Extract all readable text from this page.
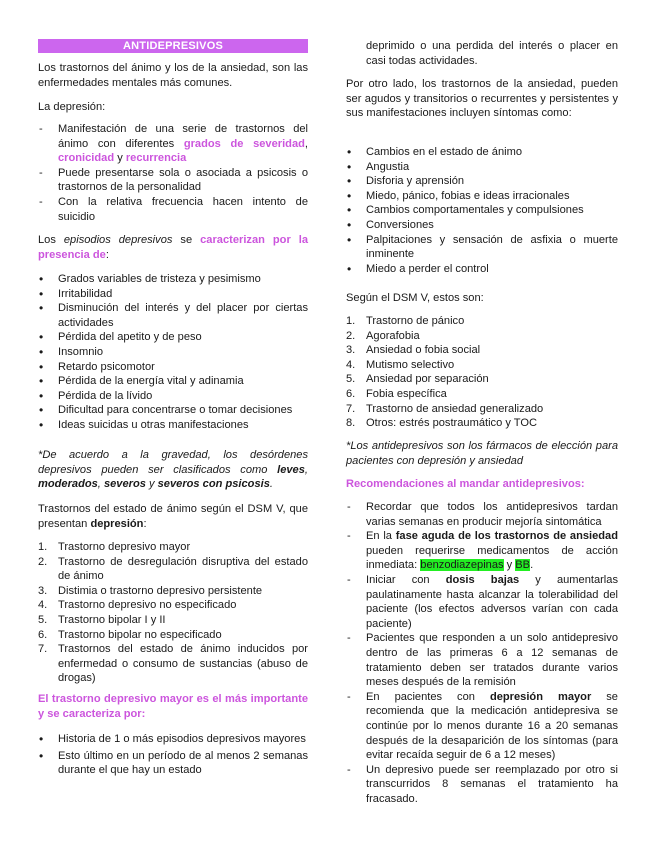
ANTIDEPRESIVOS

Los trastornos del ánimo y los de la ansiedad, son las enfermedades mentales más comunes.

La depresión:

- Manifestación de una serie de trastornos del ánimo con diferentes grados de severidad, cronicidad y recurrencia
- Puede presentarse sola o asociada a psicosis o trastornos de la personalidad
- Con la relativa frecuencia hacen intento de suicidio

Los episodios depresivos se caracterizan por la presencia de:

• Grados variables de tristeza y pesimismo
• Irritabilidad
• Disminución del interés y del placer por ciertas actividades
• Pérdida del apetito y de peso
• Insomnio
• Retardo psicomotor
• Pérdida de la energía vital y adinamia
• Pérdida de la lívido
• Dificultad para concentrarse o tomar decisiones
• Ideas suicidas u otras manifestaciones

*De acuerdo a la gravedad, los desórdenes depresivos pueden ser clasificados como leves, moderados, severos y severos con psicosis.

Trastornos del estado de ánimo según el DSM V, que presentan depresión:

1. Trastorno depresivo mayor
2. Trastorno de desregulación disruptiva del estado de ánimo
3. Distimia o trastorno depresivo persistente
4. Trastorno depresivo no especificado
5. Trastorno bipolar I y II
6. Trastorno bipolar no especificado
7. Trastornos del estado de ánimo inducidos por enfermedad o consumo de sustancias (abuso de drogas)

El trastorno depresivo mayor es el más importante y se caracteriza por:

• Historia de 1 o más episodios depresivos mayores
• Esto último en un período de al menos 2 semanas durante el que hay un estado

deprimido o una perdida del interés o placer en casi todas actividades.

Por otro lado, los trastornos de la ansiedad, pueden ser agudos y transitorios o recurrentes y persistentes y sus manifestaciones incluyen síntomas como:

• Cambios en el estado de ánimo
• Angustia
• Disforia y aprensión
• Miedo, pánico, fobias e ideas irracionales
• Cambios comportamentales y compulsiones
• Conversiones
• Palpitaciones y sensación de asfixia o muerte inminente
• Miedo a perder el control

Según el DSM V, estos son:

1. Trastorno de pánico
2. Agorafobia
3. Ansiedad o fobia social
4. Mutismo selectivo
5. Ansiedad por separación
6. Fobia específica
7. Trastorno de ansiedad generalizado
8. Otros: estrés postraumático y TOC

*Los antidepresivos son los fármacos de elección para pacientes con depresión y ansiedad

Recomendaciones al mandar antidepresivos:

- Recordar que todos los antidepresivos tardan varias semanas en producir mejoría sintomática
- En la fase aguda de los trastornos de ansiedad pueden requerirse medicamentos de acción inmediata: benzodiazepinas y BB.
- Iniciar con dosis bajas y aumentarlas paulatinamente hasta alcanzar la tolerabilidad del paciente (los efectos adversos varían con cada paciente)
- Pacientes que responden a un solo antidepresivo dentro de las primeras 6 a 12 semanas de tratamiento deben ser tratados durante varios meses después de la remisión
- En pacientes con depresión mayor se recomienda que la medicación antidepresiva se continúe por lo menos durante 16 a 20 semanas después de la desaparición de los síntomas (para evitar recaída seguir de 6 a 12 meses)
- Un depresivo puede ser reemplazado por otro si transcurridos 8 semanas el tratamiento ha fracasado.
